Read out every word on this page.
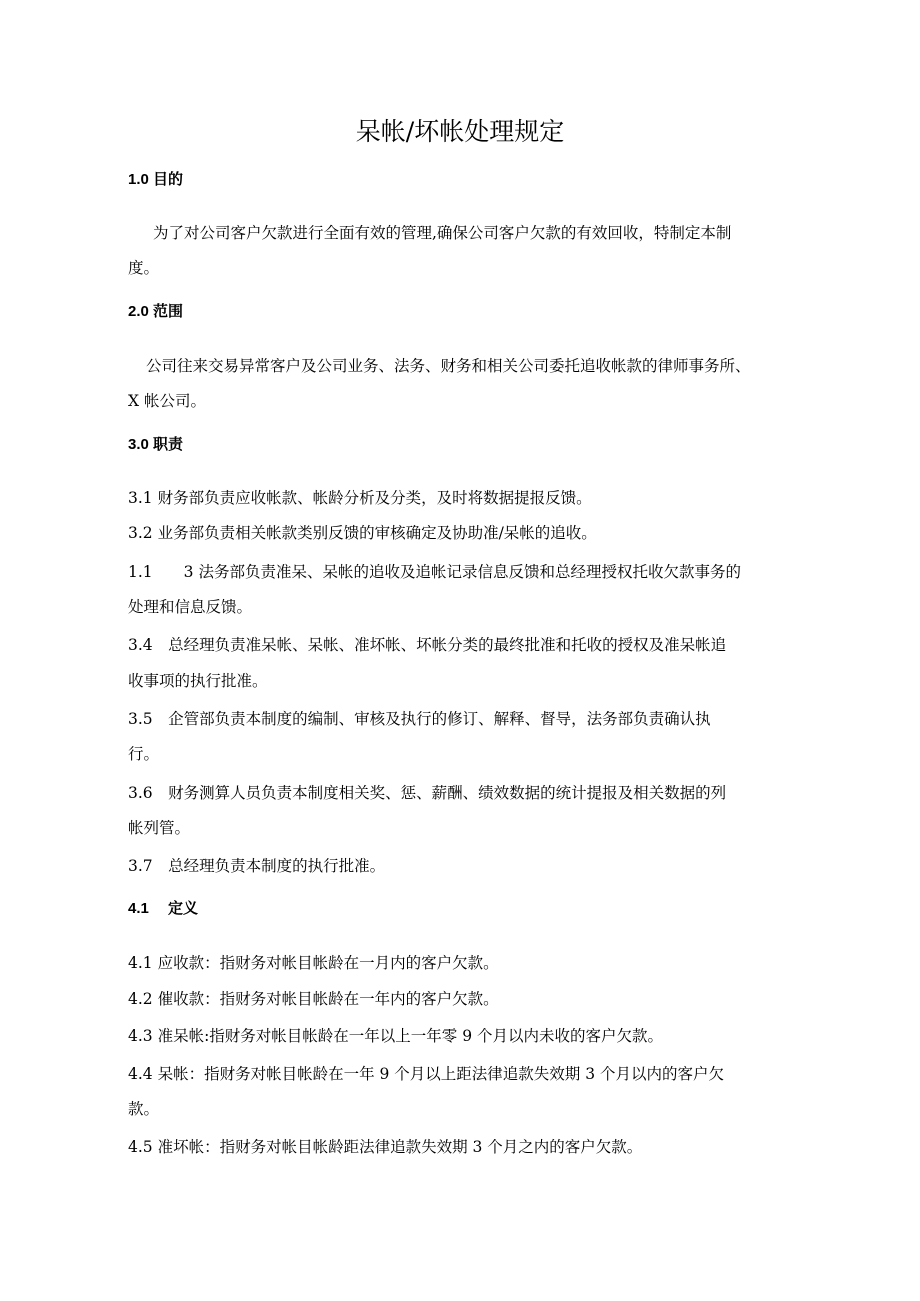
呆帐/坏帐处理规定
1.0 目的
为了对公司客户欠款进行全面有效的管理,确保公司客户欠款的有效回收，特制定本制
度。
2.0 范围
公司往来交易异常客户及公司业务、法务、财务和相关公司委托追收帐款的律师事务所、
X 帐公司。
3.0 职责
3.1 财务部负责应收帐款、帐龄分析及分类，及时将数据提报反馈。
3.2 业务部负责相关帐款类别反馈的审核确定及协助准/呆帐的追收。
1.1　　3 法务部负责准呆、呆帐的追收及追帐记录信息反馈和总经理授权托收欠款事务的
处理和信息反馈。
3.4　总经理负责准呆帐、呆帐、准坏帐、坏帐分类的最终批准和托收的授权及准呆帐追
收事项的执行批准。
3.5　企管部负责本制度的编制、审核及执行的修订、解释、督导，法务部负责确认执
行。
3.6　财务测算人员负责本制度相关奖、惩、薪酬、绩效数据的统计提报及相关数据的列
帐列管。
3.7　总经理负责本制度的执行批准。
4.1　 定义
4.1 应收款：指财务对帐目帐龄在一月内的客户欠款。
4.2 催收款：指财务对帐目帐龄在一年内的客户欠款。
4.3 准呆帐:指财务对帐目帐龄在一年以上一年零 9 个月以内未收的客户欠款。
4.4 呆帐：指财务对帐目帐龄在一年 9 个月以上距法律追款失效期 3 个月以内的客户欠
款。
4.5 准坏帐：指财务对帐目帐龄距法律追款失效期 3 个月之内的客户欠款。
